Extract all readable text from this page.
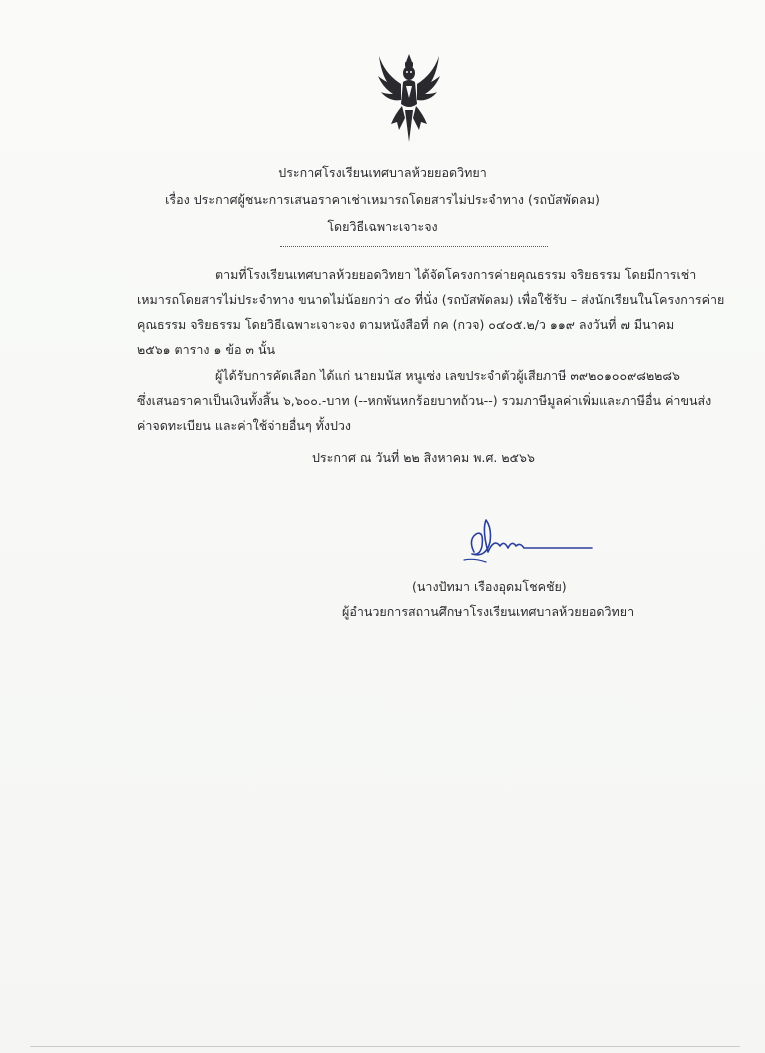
ประกาศโรงเรียนเทศบาลห้วยยอดวิทยา
เรื่อง ประกาศผู้ชนะการเสนอราคาเช่าเหมารถโดยสารไม่ประจำทาง (รถบัสพัดลม)
โดยวิธีเฉพาะเจาะจง
ตามที่โรงเรียนเทศบาลห้วยยอดวิทยา ได้จัดโครงการค่ายคุณธรรม จริยธรรม โดยมีการเช่า
เหมารถโดยสารไม่ประจำทาง ขนาดไม่น้อยกว่า ๔๐ ที่นั่ง (รถบัสพัดลม) เพื่อใช้รับ – ส่งนักเรียนในโครงการค่าย
คุณธรรม จริยธรรม โดยวิธีเฉพาะเจาะจง ตามหนังสือที่ กค (กวจ) ๐๔๐๕.๒/ว ๑๑๙ ลงวันที่ ๗ มีนาคม
๒๕๖๑ ตาราง ๑ ข้อ ๓ นั้น
ผู้ได้รับการคัดเลือก ได้แก่ นายมนัส หนูเซ่ง เลขประจำตัวผู้เสียภาษี ๓๙๒๐๑๐๐๙๘๒๒๘๖
ซึ่งเสนอราคาเป็นเงินทั้งสิ้น ๖,๖๐๐.-บาท (--หกพันหกร้อยบาทถ้วน--) รวมภาษีมูลค่าเพิ่มและภาษีอื่น ค่าขนส่ง
ค่าจดทะเบียน และค่าใช้จ่ายอื่นๆ ทั้งปวง
ประกาศ ณ วันที่ ๒๒ สิงหาคม พ.ศ. ๒๕๖๖
(นางปัทมา เรืองอุดมโชคชัย)
ผู้อำนวยการสถานศึกษาโรงเรียนเทศบาลห้วยยอดวิทยา
